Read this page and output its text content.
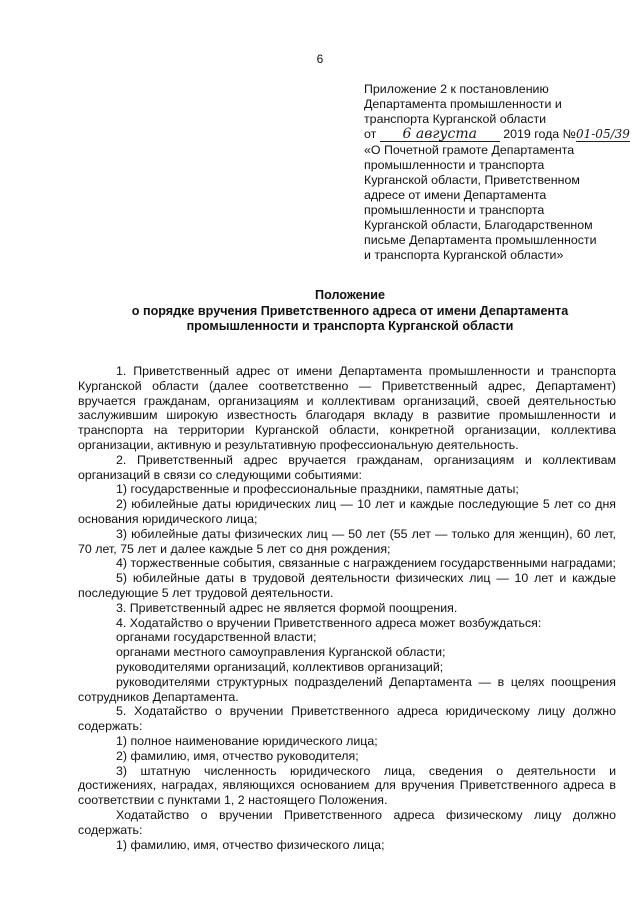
6
Приложение 2 к постановлению
Департамента промышленности и
транспорта Курганской области
от 6 августа 2019 года №01-05/39
«О Почетной грамоте Департамента
промышленности и транспорта
Курганской области, Приветственном
адресе от имени Департамента
промышленности и транспорта
Курганской области, Благодарственном
письме Департамента промышленности
и транспорта Курганской области»
Положение
о порядке вручения Приветственного адреса от имени Департамента
промышленности и транспорта Курганской области

1. Приветственный адрес от имени Департамента промышленности и транспорта Курганской области (далее соответственно — Приветственный адрес, Департамент) вручается гражданам, организациям и коллективам организаций, своей деятельностью заслужившим широкую известность благодаря вкладу в развитие промышленности и транспорта на территории Курганской области, конкретной организации, коллектива организации, активную и результативную профессиональную деятельность.

2. Приветственный адрес вручается гражданам, организациям и коллективам организаций в связи со следующими событиями:

1) государственные и профессиональные праздники, памятные даты;

2) юбилейные даты юридических лиц — 10 лет и каждые последующие 5 лет со дня основания юридического лица;

3) юбилейные даты физических лиц — 50 лет (55 лет — только для женщин), 60 лет, 70 лет, 75 лет и далее каждые 5 лет со дня рождения;

4) торжественные события, связанные с награждением государственными наградами;

5) юбилейные даты в трудовой деятельности физических лиц — 10 лет и каждые последующие 5 лет трудовой деятельности.

3. Приветственный адрес не является формой поощрения.

4. Ходатайство о вручении Приветственного адреса может возбуждаться:

органами государственной власти;

органами местного самоуправления Курганской области;

руководителями организаций, коллективов организаций;

руководителями структурных подразделений Департамента — в целях поощрения сотрудников Департамента.

5. Ходатайство о вручении Приветственного адреса юридическому лицу должно содержать:

1) полное наименование юридического лица;

2) фамилию, имя, отчество руководителя;

3) штатную численность юридического лица, сведения о деятельности и достижениях, наградах, являющихся основанием для вручения Приветственного адреса в соответствии с пунктами 1, 2 настоящего Положения.

Ходатайство о вручении Приветственного адреса физическому лицу должно содержать:

1) фамилию, имя, отчество физического лица;
